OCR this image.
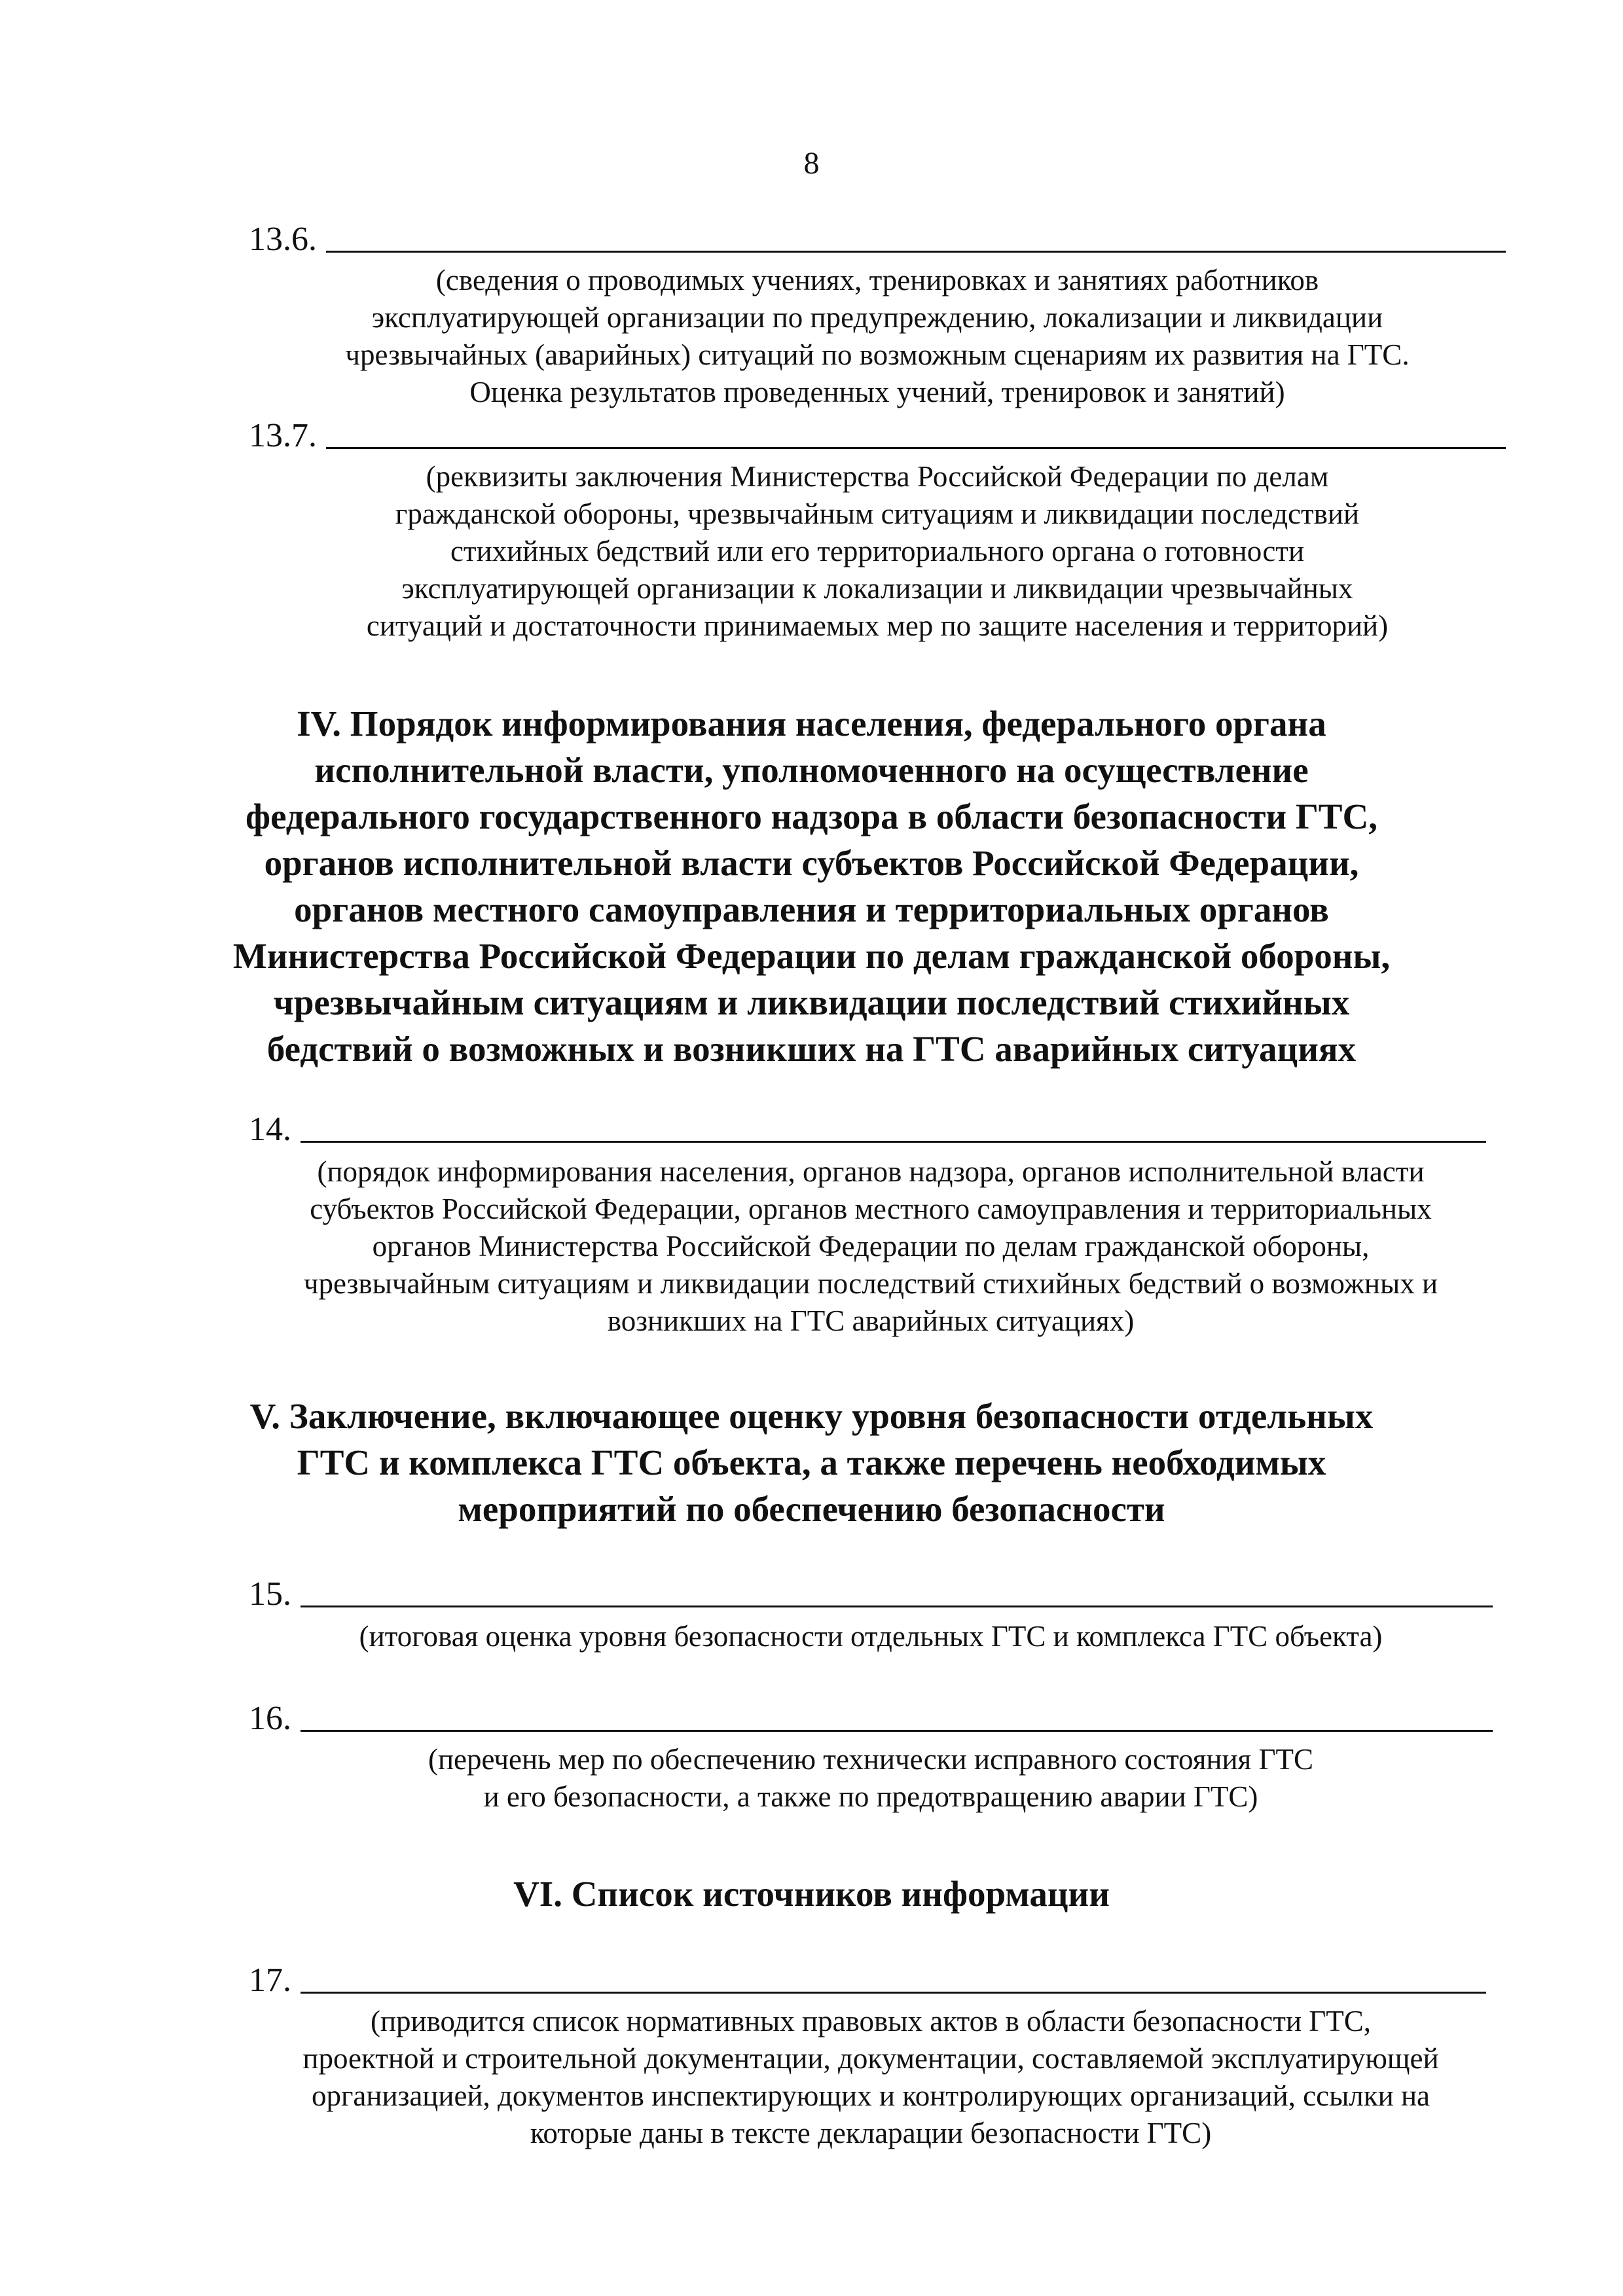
8
13.6.
(сведения о проводимых учениях, тренировках и занятиях работников
эксплуатирующей организации по предупреждению, локализации и ликвидации
чрезвычайных (аварийных) ситуаций по возможным сценариям их развития на ГТС.
Оценка результатов проведенных учений, тренировок и занятий)
13.7.
(реквизиты заключения Министерства Российской Федерации по делам
гражданской обороны, чрезвычайным ситуациям и ликвидации последствий
стихийных бедствий или его территориального органа о готовности
эксплуатирующей организации к локализации и ликвидации чрезвычайных
ситуаций и достаточности принимаемых мер по защите населения и территорий)
IV. Порядок информирования населения, федерального органа
исполнительной власти, уполномоченного на осуществление
федерального государственного надзора в области безопасности ГТС,
органов исполнительной власти субъектов Российской Федерации,
органов местного самоуправления и территориальных органов
Министерства Российской Федерации по делам гражданской обороны,
чрезвычайным ситуациям и ликвидации последствий стихийных
бедствий о возможных и возникших на ГТС аварийных ситуациях
14.
(порядок информирования населения, органов надзора, органов исполнительной власти
субъектов Российской Федерации, органов местного самоуправления и территориальных
органов Министерства Российской Федерации по делам гражданской обороны,
чрезвычайным ситуациям и ликвидации последствий стихийных бедствий о возможных и
возникших на ГТС аварийных ситуациях)
V. Заключение, включающее оценку уровня безопасности отдельных
ГТС и комплекса ГТС объекта, а также перечень необходимых
мероприятий по обеспечению безопасности
15.
(итоговая оценка уровня безопасности отдельных ГТС и комплекса ГТС объекта)
16.
(перечень мер по обеспечению технически исправного состояния ГТС
и его безопасности, а также по предотвращению аварии ГТС)
VI. Список источников информации
17.
(приводится список нормативных правовых актов в области безопасности ГТС,
проектной и строительной документации, документации, составляемой эксплуатирующей
организацией, документов инспектирующих и контролирующих организаций, ссылки на
которые даны в тексте декларации безопасности ГТС)
